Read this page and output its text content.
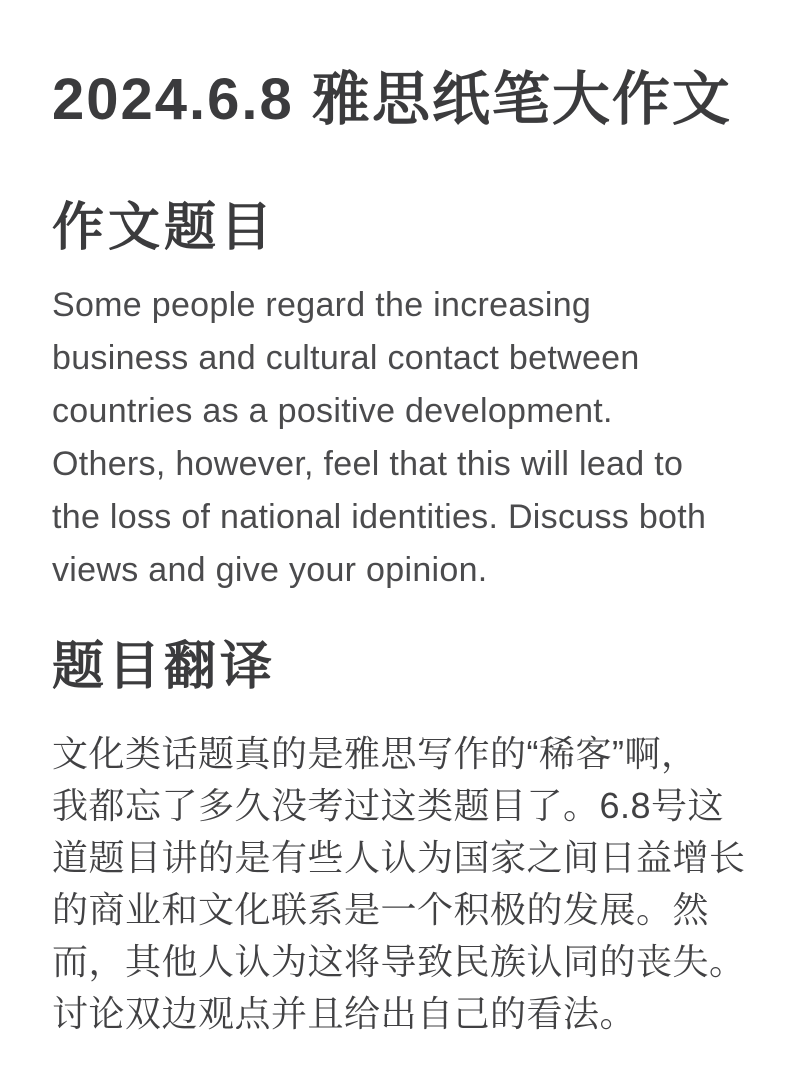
2024.6.8 雅思纸笔大作文
作文题目
Some people regard the increasing
business and cultural contact between
countries as a positive development.
Others, however, feel that this will lead to
the loss of national identities. Discuss both
views and give your opinion.
题目翻译
文化类话题真的是雅思写作的“稀客”啊，
我都忘了多久没考过这类题目了。6.8号这
道题目讲的是有些人认为国家之间日益增长
的商业和文化联系是一个积极的发展。然
而，其他人认为这将导致民族认同的丧失。
讨论双边观点并且给出自己的看法。
